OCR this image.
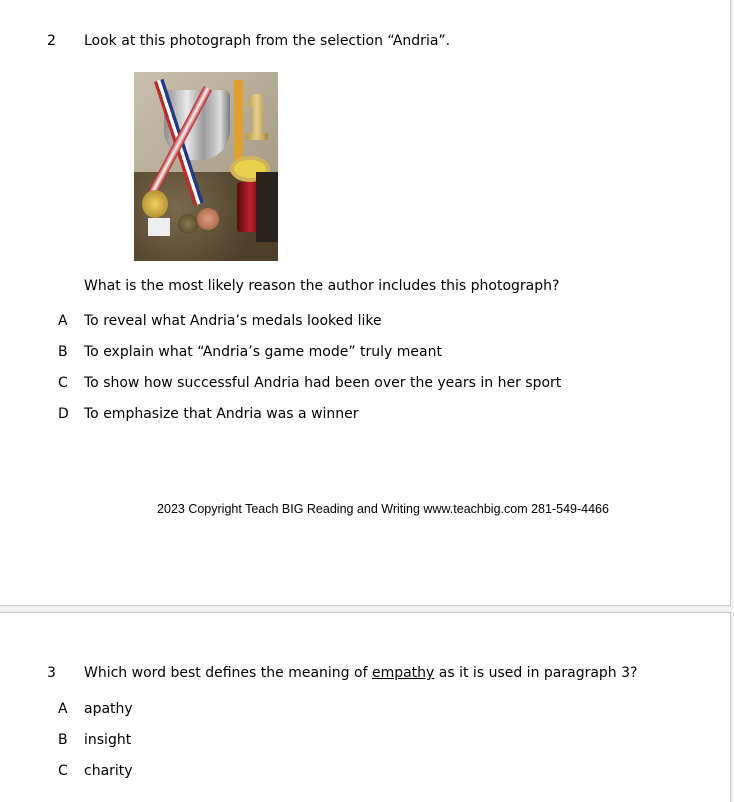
2 Look at this photograph from the selection “Andria”.
What is the most likely reason the author includes this photograph?
A To reveal what Andria’s medals looked like
B To explain what “Andria’s game mode” truly meant
C To show how successful Andria had been over the years in her sport
D To emphasize that Andria was a winner
2023 Copyright Teach BIG Reading and Writing www.teachbig.com 281-549-4466
3 Which word best defines the meaning of empathy as it is used in paragraph 3?
A apathy
B insight
C charity
